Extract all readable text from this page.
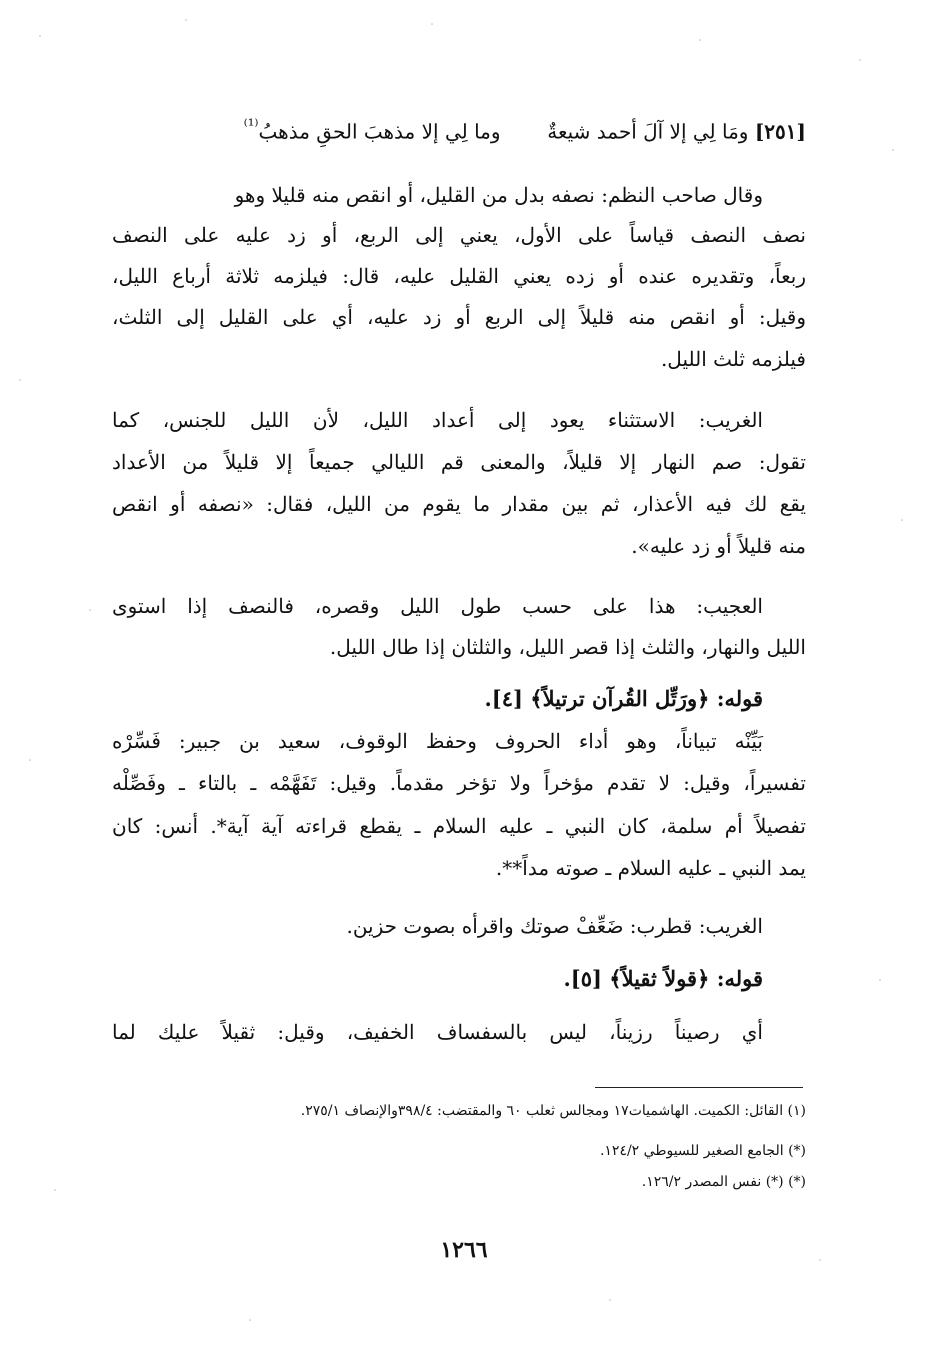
[٢٥١] ومَا لِي إلا آلَ أحمد شيعةٌ  وما لِي إلا مذهبَ الحقِ مذهبُ$^{^{(1)}}$
وقال صاحب النظم: نصفه بدل من القليل، أو انقص منه قليلا وهو
نصف النصف قياساً على الأول، يعني إلى الربع، أو زد عليه على النصف
ربعاً، وتقديره عنده أو زده يعني القليل عليه، قال: فيلزمه ثلاثة أرباع الليل،
وقيل: أو انقص منه قليلاً إلى الربع أو زد عليه، أي على القليل إلى الثلث،
فيلزمه ثلث الليل.
الغريب: الاستثناء يعود إلى أعداد الليل، لأن الليل للجنس، كما
تقول: صم النهار إلا قليلاً، والمعنى قم الليالي جميعاً إلا قليلاً من الأعداد
يقع لك فيه الأعذار، ثم بين مقدار ما يقوم من الليل، فقال: «نصفه أو انقص
منه قليلاً أو زد عليه».
العجيب: هذا على حسب طول الليل وقصره، فالنصف إذا استوى
الليل والنهار، والثلث إذا قصر الليل، والثلثان إذا طال الليل.
قوله: ﴿ورَتِّل القُرآن ترتيلاً﴾ [٤].
بَيِّنْه تبياناً، وهو أداء الحروف وحفظ الوقوف، سعيد بن جبير: فَسِّرْه
تفسيراً، وقيل: لا تقدم مؤخراً ولا تؤخر مقدماً. وقيل: تَفَهَّمْه ـ بالتاء ـ وفَصِّلْه
تفصيلاً أم سلمة، كان النبي ـ عليه السلام ـ يقطع قراءته آية آية*. أنس: كان
يمد النبي ـ عليه السلام ـ صوته مداً**.
الغريب: قطرب: ضَعِّفْ صوتك واقرأه بصوت حزين.
قوله: ﴿قولاً ثقيلاً﴾ [٥].
أي رصيناً رزيناً، ليس بالسفساف الخفيف، وقيل: ثقيلاً عليك لما
(١) القائل: الكميت. الهاشميات١٧ ومجالس ثعلب ٦٠ والمقتضب: ٣٩٨/٤والإنصاف ٢٧٥/١.
(*) الجامع الصغير للسيوطي ١٢٤/٢.
(*) (*) نفس المصدر ١٢٦/٢.
١٢٦٦
